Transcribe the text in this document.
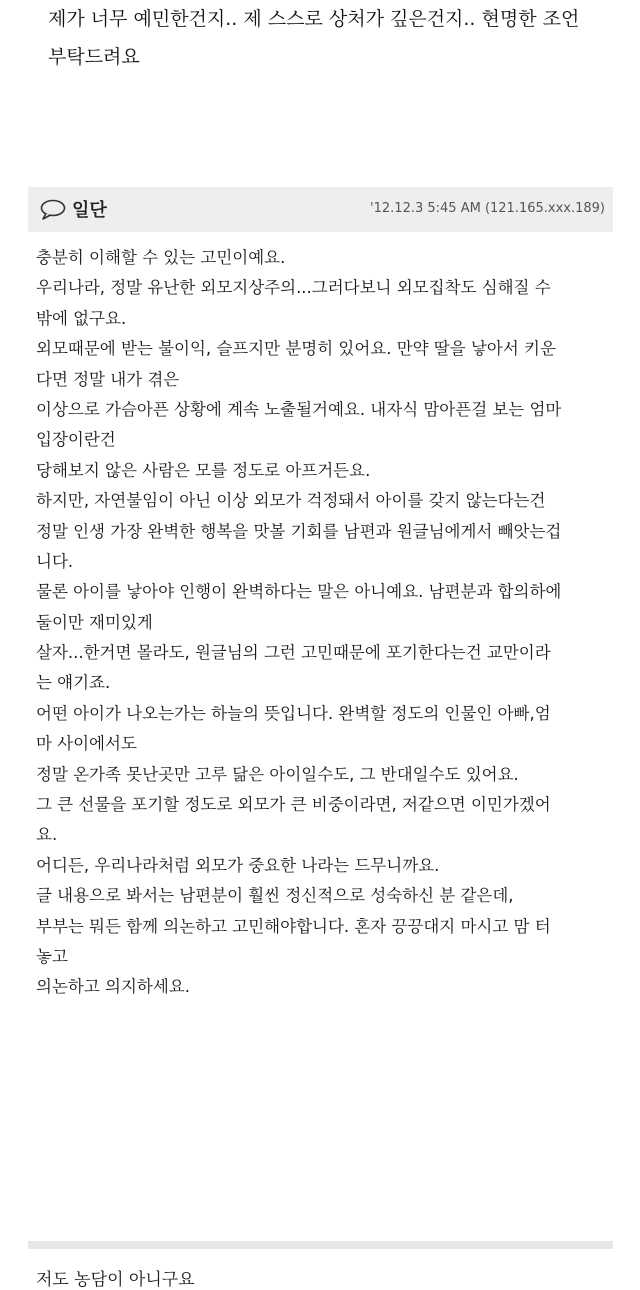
제가 너무 예민한건지.. 제 스스로 상처가 깊은건지.. 현명한 조언
부탁드려요
일단	'12.12.3 5:45 AM (121.165.xxx.189)
충분히 이해할 수 있는 고민이예요.
우리나라, 정말 유난한 외모지상주의...그러다보니 외모집착도 심해질 수
밖에 없구요.
외모때문에 받는 불이익, 슬프지만 분명히 있어요. 만약 딸을 낳아서 키운
다면 정말 내가 겪은
이상으로 가슴아픈 상황에 계속 노출될거예요. 내자식 맘아픈걸 보는 엄마
입장이란건
당해보지 않은 사람은 모를 정도로 아프거든요.
하지만, 자연불임이 아닌 이상 외모가 걱정돼서 아이를 갖지 않는다는건
정말 인생 가장 완벽한 행복을 맛볼 기회를 남편과 원글님에게서 빼앗는겁
니다.
물론 아이를 낳아야 인행이 완벽하다는 말은 아니예요. 남편분과 합의하에
둘이만 재미있게
살자...한거면 몰라도, 원글님의 그런 고민때문에 포기한다는건 교만이라
는 얘기죠.
어떤 아이가 나오는가는 하늘의 뜻입니다. 완벽할 정도의 인물인 아빠,엄
마 사이에서도
정말 온가족 못난곳만 고루 닮은 아이일수도, 그 반대일수도 있어요.
그 큰 선물을 포기할 정도로 외모가 큰 비중이라면, 저같으면 이민가겠어
요.
어디든, 우리나라처럼 외모가 중요한 나라는 드무니까요.
글 내용으로 봐서는 남편분이 훨씬 정신적으로 성숙하신 분 같은데,
부부는 뭐든 함께 의논하고 고민해야합니다. 혼자 끙끙대지 마시고 맘 터
놓고
의논하고 의지하세요.
저도 농담이 아니구요
